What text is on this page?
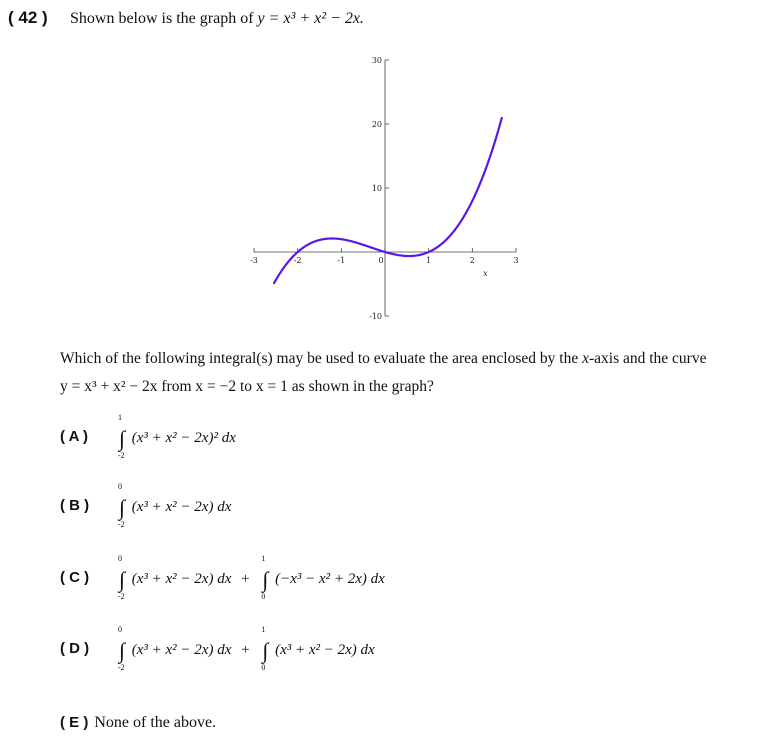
( 42 ) Shown below is the graph of y = x³ + x² − 2x.
-3	-2	-1	0	1	2	3
30
20
10
-10
x
Which of the following integral(s) may be used to evaluate the area enclosed by the x-axis and the curve
y = x³ + x² − 2x from x = −2 to x = 1 as shown in the graph?
( A ) ∫
1
-2
(x³ + x² − 2x)² dx
( B ) ∫
0
-2
(x³ + x² − 2x) dx
( C ) ∫
0
-2
(x³ + x² − 2x) dx + ∫
1
0
(−x³ − x² + 2x) dx
( D ) ∫
0
-2
(x³ + x² − 2x) dx + ∫
1
0
(x³ + x² − 2x) dx
( E ) None of the above.
